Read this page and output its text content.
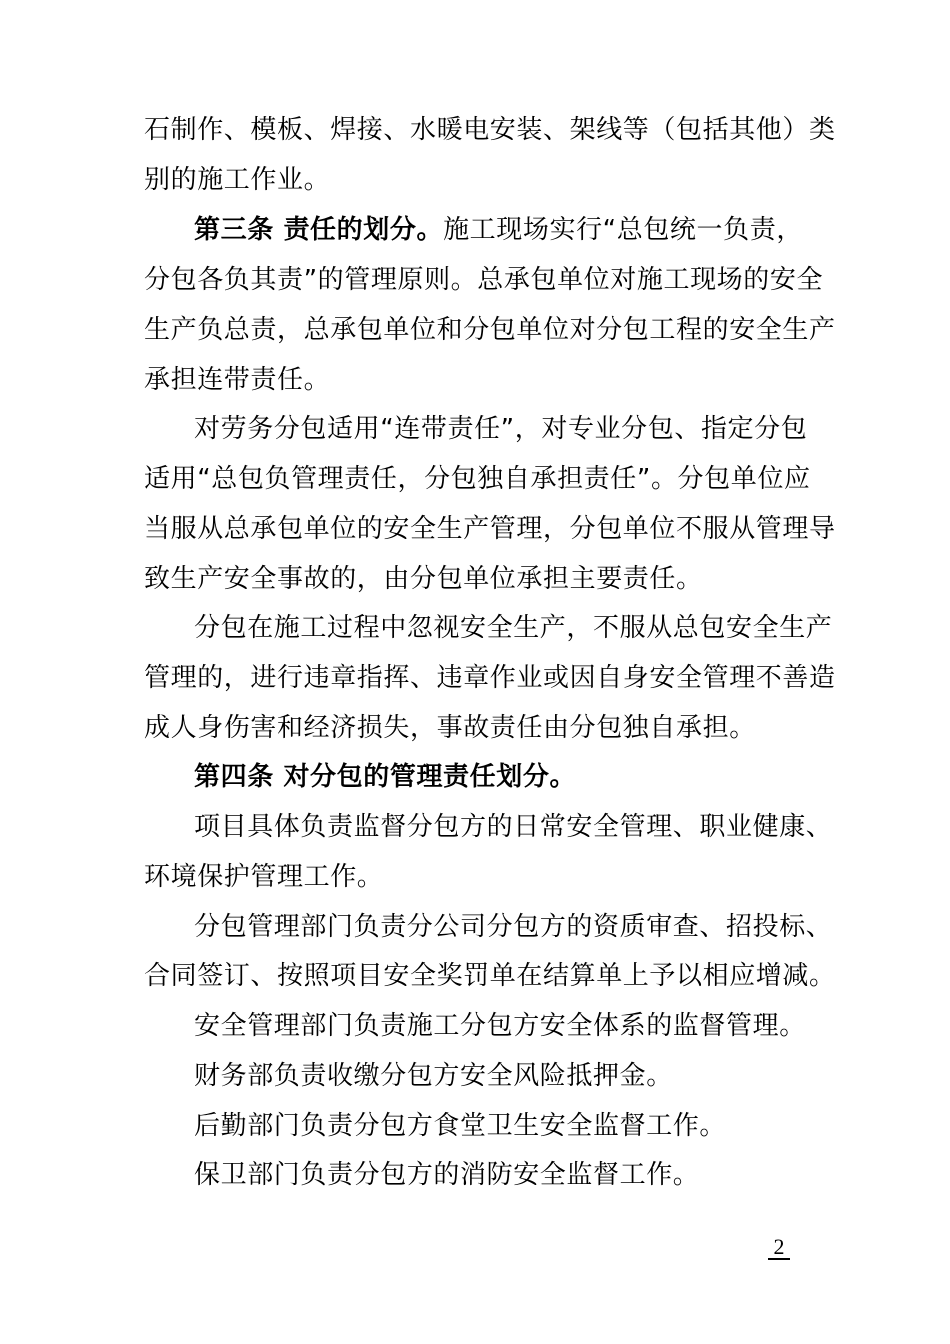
石制作、模板、焊接、水暖电安装、架线等（包括其他）类
别的施工作业。
第三条 责任的划分。施工现场实行“总包统一负责，
分包各负其责”的管理原则。总承包单位对施工现场的安全
生产负总责，总承包单位和分包单位对分包工程的安全生产
承担连带责任。
对劳务分包适用“连带责任”，对专业分包、指定分包
适用“总包负管理责任，分包独自承担责任”。分包单位应
当服从总承包单位的安全生产管理，分包单位不服从管理导
致生产安全事故的，由分包单位承担主要责任。
分包在施工过程中忽视安全生产，不服从总包安全生产
管理的，进行违章指挥、违章作业或因自身安全管理不善造
成人身伤害和经济损失，事故责任由分包独自承担。
第四条 对分包的管理责任划分。
项目具体负责监督分包方的日常安全管理、职业健康、
环境保护管理工作。
分包管理部门负责分公司分包方的资质审查、招投标、
合同签订、按照项目安全奖罚单在结算单上予以相应增减。
安全管理部门负责施工分包方安全体系的监督管理。
财务部负责收缴分包方安全风险抵押金。
后勤部门负责分包方食堂卫生安全监督工作。
保卫部门负责分包方的消防安全监督工作。
2
